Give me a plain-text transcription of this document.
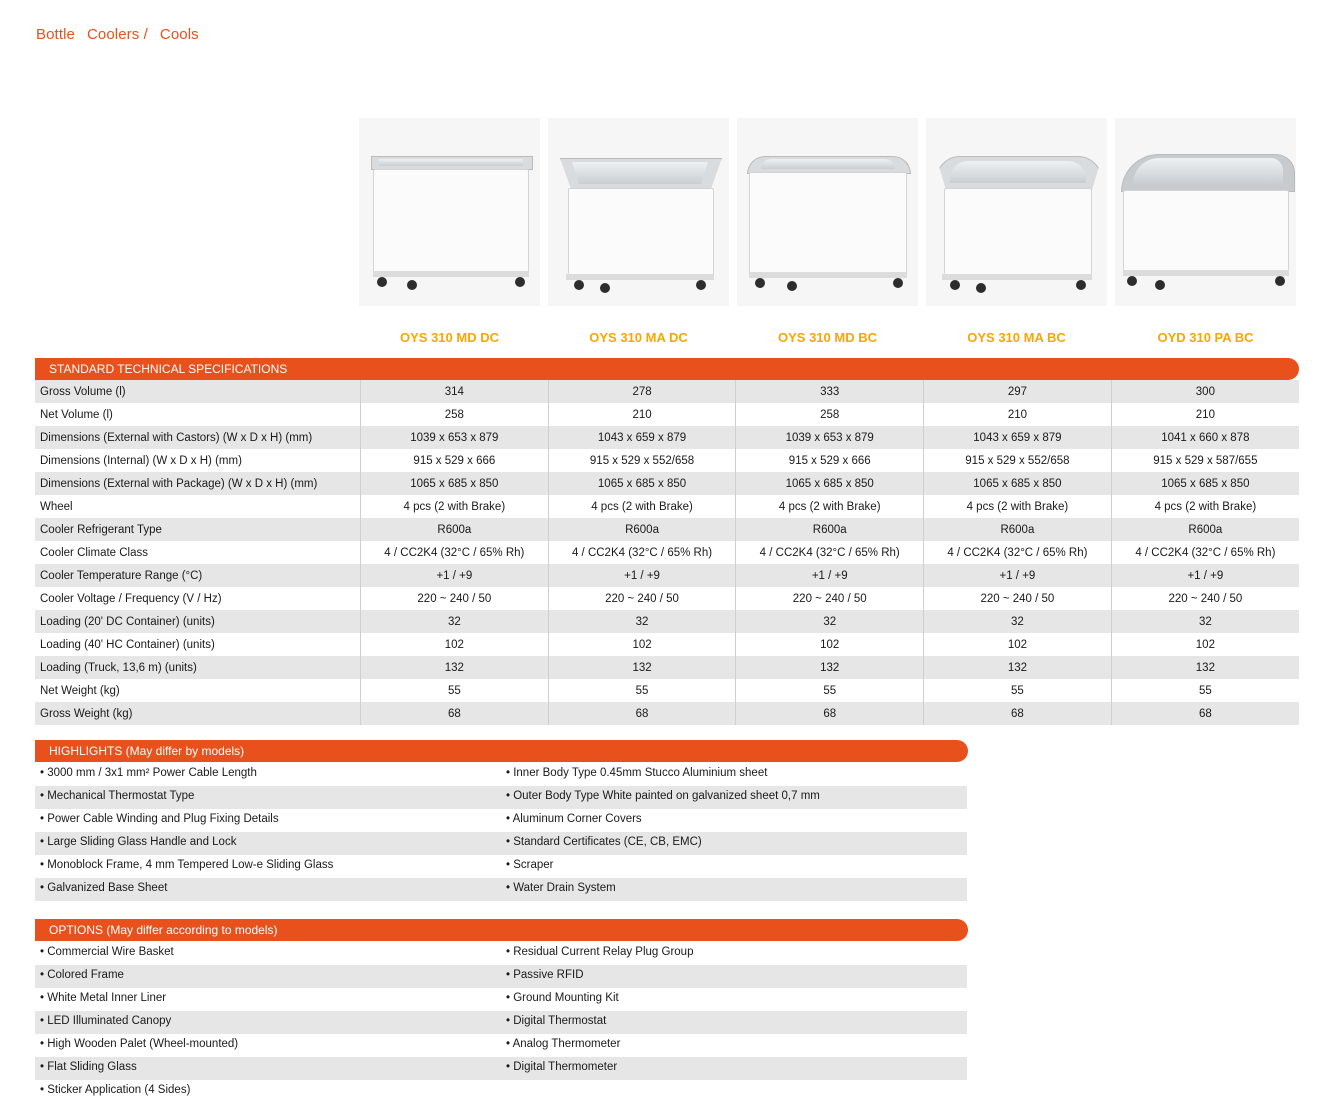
Bottle Coolers / Cools
OYS 310 MD DC	OYS 310 MA DC	OYS 310 MD BC	OYS 310 MA BC	OYD 310 PA BC
STANDARD TECHNICAL SPECIFICATIONS
Gross Volume (l)	314	278	333	297	300
Net Volume (l)	258	210	258	210	210
Dimensions (External with Castors) (W x D x H) (mm)	1039 x 653 x 879	1043 x 659 x 879	1039 x 653 x 879	1043 x 659 x 879	1041 x 660 x 878
Dimensions (Internal) (W x D x H) (mm)	915 x 529 x 666	915 x 529 x 552/658	915 x 529 x 666	915 x 529 x 552/658	915 x 529 x 587/655
Dimensions (External with Package) (W x D x H) (mm)	1065 x 685 x 850	1065 x 685 x 850	1065 x 685 x 850	1065 x 685 x 850	1065 x 685 x 850
Wheel	4 pcs (2 with Brake)	4 pcs (2 with Brake)	4 pcs (2 with Brake)	4 pcs (2 with Brake)	4 pcs (2 with Brake)
Cooler Refrigerant Type	R600a	R600a	R600a	R600a	R600a
Cooler Climate Class	4 / CC2K4 (32°C / 65% Rh)	4 / CC2K4 (32°C / 65% Rh)	4 / CC2K4 (32°C / 65% Rh)	4 / CC2K4 (32°C / 65% Rh)	4 / CC2K4 (32°C / 65% Rh)
Cooler Temperature Range (°C)	+1 / +9	+1 / +9	+1 / +9	+1 / +9	+1 / +9
Cooler Voltage / Frequency (V / Hz)	220 ~ 240 / 50	220 ~ 240 / 50	220 ~ 240 / 50	220 ~ 240 / 50	220 ~ 240 / 50
Loading (20' DC Container) (units)	32	32	32	32	32
Loading (40' HC Container) (units)	102	102	102	102	102
Loading (Truck, 13,6 m) (units)	132	132	132	132	132
Net Weight (kg)	55	55	55	55	55
Gross Weight (kg)	68	68	68	68	68
HIGHLIGHTS (May differ by models)
• 3000 mm / 3x1 mm² Power Cable Length	• Inner Body Type 0.45mm Stucco Aluminium sheet
• Mechanical Thermostat Type	• Outer Body Type White painted on galvanized sheet 0,7 mm
• Power Cable Winding and Plug Fixing Details	• Aluminum Corner Covers
• Large Sliding Glass Handle and Lock	• Standard Certificates (CE, CB, EMC)
• Monoblock Frame, 4 mm Tempered Low-e Sliding Glass	• Scraper
• Galvanized Base Sheet	• Water Drain System
OPTIONS (May differ according to models)
• Commercial Wire Basket	• Residual Current Relay Plug Group
• Colored Frame	• Passive RFID
• White Metal Inner Liner	• Ground Mounting Kit
• LED Illuminated Canopy	• Digital Thermostat
• High Wooden Palet (Wheel-mounted)	• Analog Thermometer
• Flat Sliding Glass	• Digital Thermometer
• Sticker Application (4 Sides)
